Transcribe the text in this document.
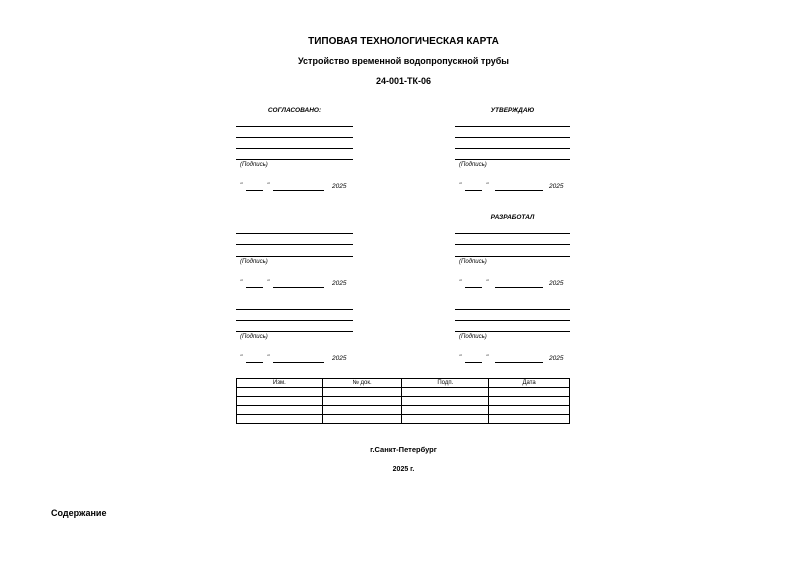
ТИПОВАЯ ТЕХНОЛОГИЧЕСКАЯ КАРТА
Устройство временной водопропускной трубы
24-001-ТК-06
СОГЛАСОВАНО:
(Подпись)
"	"	2025
УТВЕРЖДАЮ
(Подпись)
"	"	2025
(Подпись)
"	"	2025
РАЗРАБОТАЛ
(Подпись)
"	"	2025
(Подпись)
"	"	2025
(Подпись)
"	"	2025
Изм.	№ док.	Подп.	Дата

г.Санкт-Петербург
2025 г.
Содержание
